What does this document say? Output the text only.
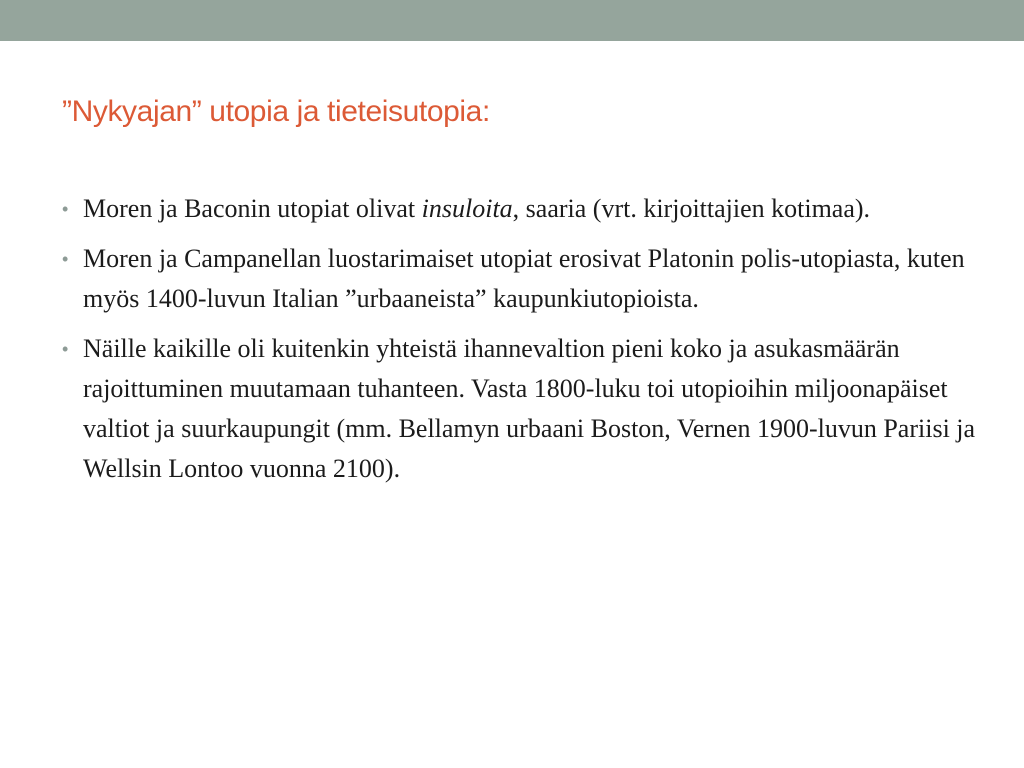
”Nykyajan” utopia ja tieteisutopia:
• Moren ja Baconin utopiat olivat insuloita, saaria (vrt. kirjoittajien kotimaa).
• Moren ja Campanellan luostarimaiset utopiat erosivat Platonin polis-utopiasta, kuten myös 1400-luvun Italian ”urbaaneista” kaupunkiutopioista.
• Näille kaikille oli kuitenkin yhteistä ihannevaltion pieni koko ja asukasmäärän rajoittuminen muutamaan tuhanteen. Vasta 1800-luku toi utopioihin miljoonapäiset valtiot ja suurkaupungit (mm. Bellamyn urbaani Boston, Vernen 1900-luvun Pariisi ja Wellsin Lontoo vuonna 2100).
